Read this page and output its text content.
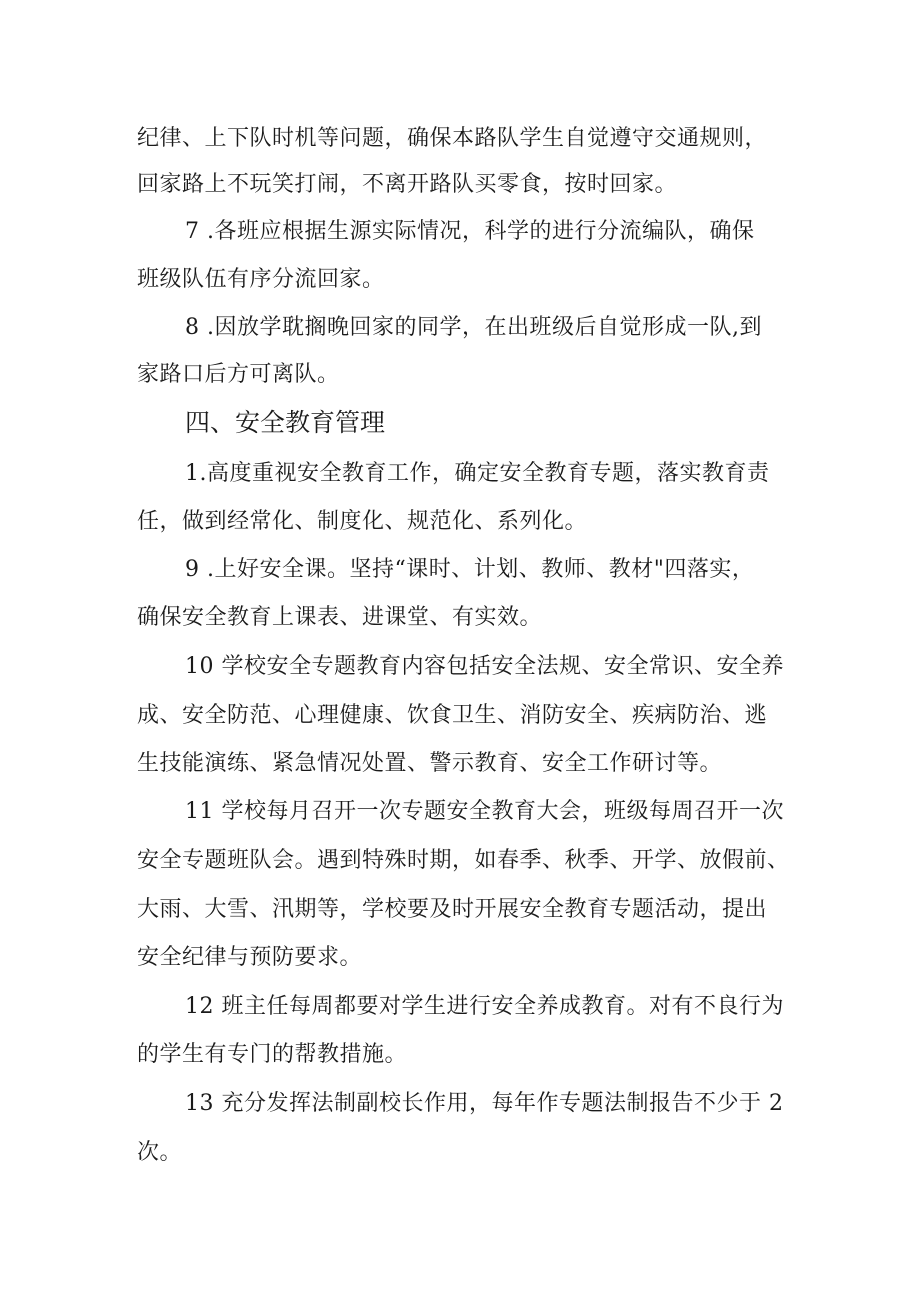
纪律、上下队时机等问题，确保本路队学生自觉遵守交通规则，
回家路上不玩笑打闹，不离开路队买零食，按时回家。
7 .各班应根据生源实际情况，科学的进行分流编队，确保
班级队伍有序分流回家。
8 .因放学耽搁晚回家的同学，在出班级后自觉形成一队,到
家路口后方可离队。
四、安全教育管理
1.高度重视安全教育工作，确定安全教育专题，落实教育责
任，做到经常化、制度化、规范化、系列化。
9 .上好安全课。坚持“课时、计划、教师、教材"四落实，
确保安全教育上课表、进课堂、有实效。
10 学校安全专题教育内容包括安全法规、安全常识、安全养
成、安全防范、心理健康、饮食卫生、消防安全、疾病防治、逃
生技能演练、紧急情况处置、警示教育、安全工作研讨等。
11 学校每月召开一次专题安全教育大会，班级每周召开一次
安全专题班队会。遇到特殊时期，如春季、秋季、开学、放假前、
大雨、大雪、汛期等，学校要及时开展安全教育专题活动，提出
安全纪律与预防要求。
12 班主任每周都要对学生进行安全养成教育。对有不良行为
的学生有专门的帮教措施。
13 充分发挥法制副校长作用，每年作专题法制报告不少于 2
次。
